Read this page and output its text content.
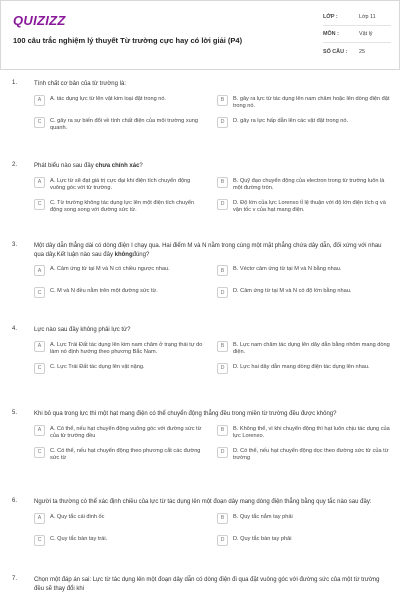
QUIZIZZ
100 câu trắc nghiệm lý thuyết Từ trường cực hay có lời giải (P4)
LỚP :	Lớp 11
MÔN :	Vật lý
SỐ CÂU :	25
1.	Tính chất cơ bản của từ trường là:
A	A. tác dụng lực từ lên vật kim loại đặt trong nó.	B	B. gây ra lực từ tác dụng lên nam châm hoặc lên dòng điện đặt trong nó.
C	C. gây ra sự biến đổi về tính chất điện của môi trường xung quanh.
D	D. gây ra lực hấp dẫn lên các vật đặt trong nó.
2.	Phát biểu nào sau đây chưa chính xác?
A	A. Lực từ sẽ đạt giá trị cực đại khi điện tích chuyển động vuông góc với từ trường.
B	B. Quỹ đạo chuyển động của electron trong từ trường luôn là một đường tròn.
C	C. Từ trường không tác dụng lực lên một điện tích chuyển động song song với đường sức từ.
D	D. Độ lớn của lực Lorenxo tỉ lệ thuận với độ lớn điện tích q và vận tốc v của hạt mang điện.
3.	Một dây dẫn thẳng dài có dòng điện I chạy qua. Hai điểm M và N nằm trong cùng một mặt phẳng chứa dây dẫn, đối xứng với nhau qua dây.Kết luận nào sau đây khôngđúng?
A	A. Cảm ứng từ tại M và N có chiều ngược nhau.	B	B. Véctơ cảm ứng từ tại M và N bằng nhau.
C	C. M và N đều nằm trên một đường sức từ.	D	D. Cảm ứng từ tại M và N có độ lớn bằng nhau.
4.	Lực nào sau đây không phải lực từ?
A	A. Lực Trái Đất tác dụng lên kim nam châm ở trạng thái tự do làm nó định hướng theo phương Bắc Nam.
B	B. Lực nam châm tác dụng lên dây dẫn bằng nhôm mang dòng điện.
C	C. Lực Trái Đất tác dụng lên vật nặng.	D	D. Lực hai dây dẫn mang dòng điện tác dụng lên nhau.
5.	Khi bỏ qua trong lực thì một hạt mang điện có thể chuyển động thẳng đều trong miền từ trường đều được không?
A	A. Có thể, nếu hạt chuyển động vuông góc với đường sức từ của từ trường đều
B	B. Không thể, vì khi chuyển động thì hạt luôn chịu tác dụng của lực Lorenxo.
C	C. Có thể, nếu hạt chuyển động theo phương cắt các đường sức từ
D	D. Có thể, nếu hạt chuyển động dọc theo đường sức từ của từ trường
6.	Người ta thường có thể xác định chiều của lực từ tác dụng lên một đoạn dây mang dòng điện thẳng bằng quy tắc nào sau đây:
A	A. Quy tắc cái đinh ốc	B	B. Quy tắc nắm tay phải
C	C. Quy tắc bàn tay trái.	D	D. Quy tắc bàn tay phải
7.	Chọn một đáp án sai: Lực từ tác dụng lên một đoạn dây dẫn có dòng điện đi qua đặt vuông góc với đường sức của một từ trường đều sẽ thay đổi khi
